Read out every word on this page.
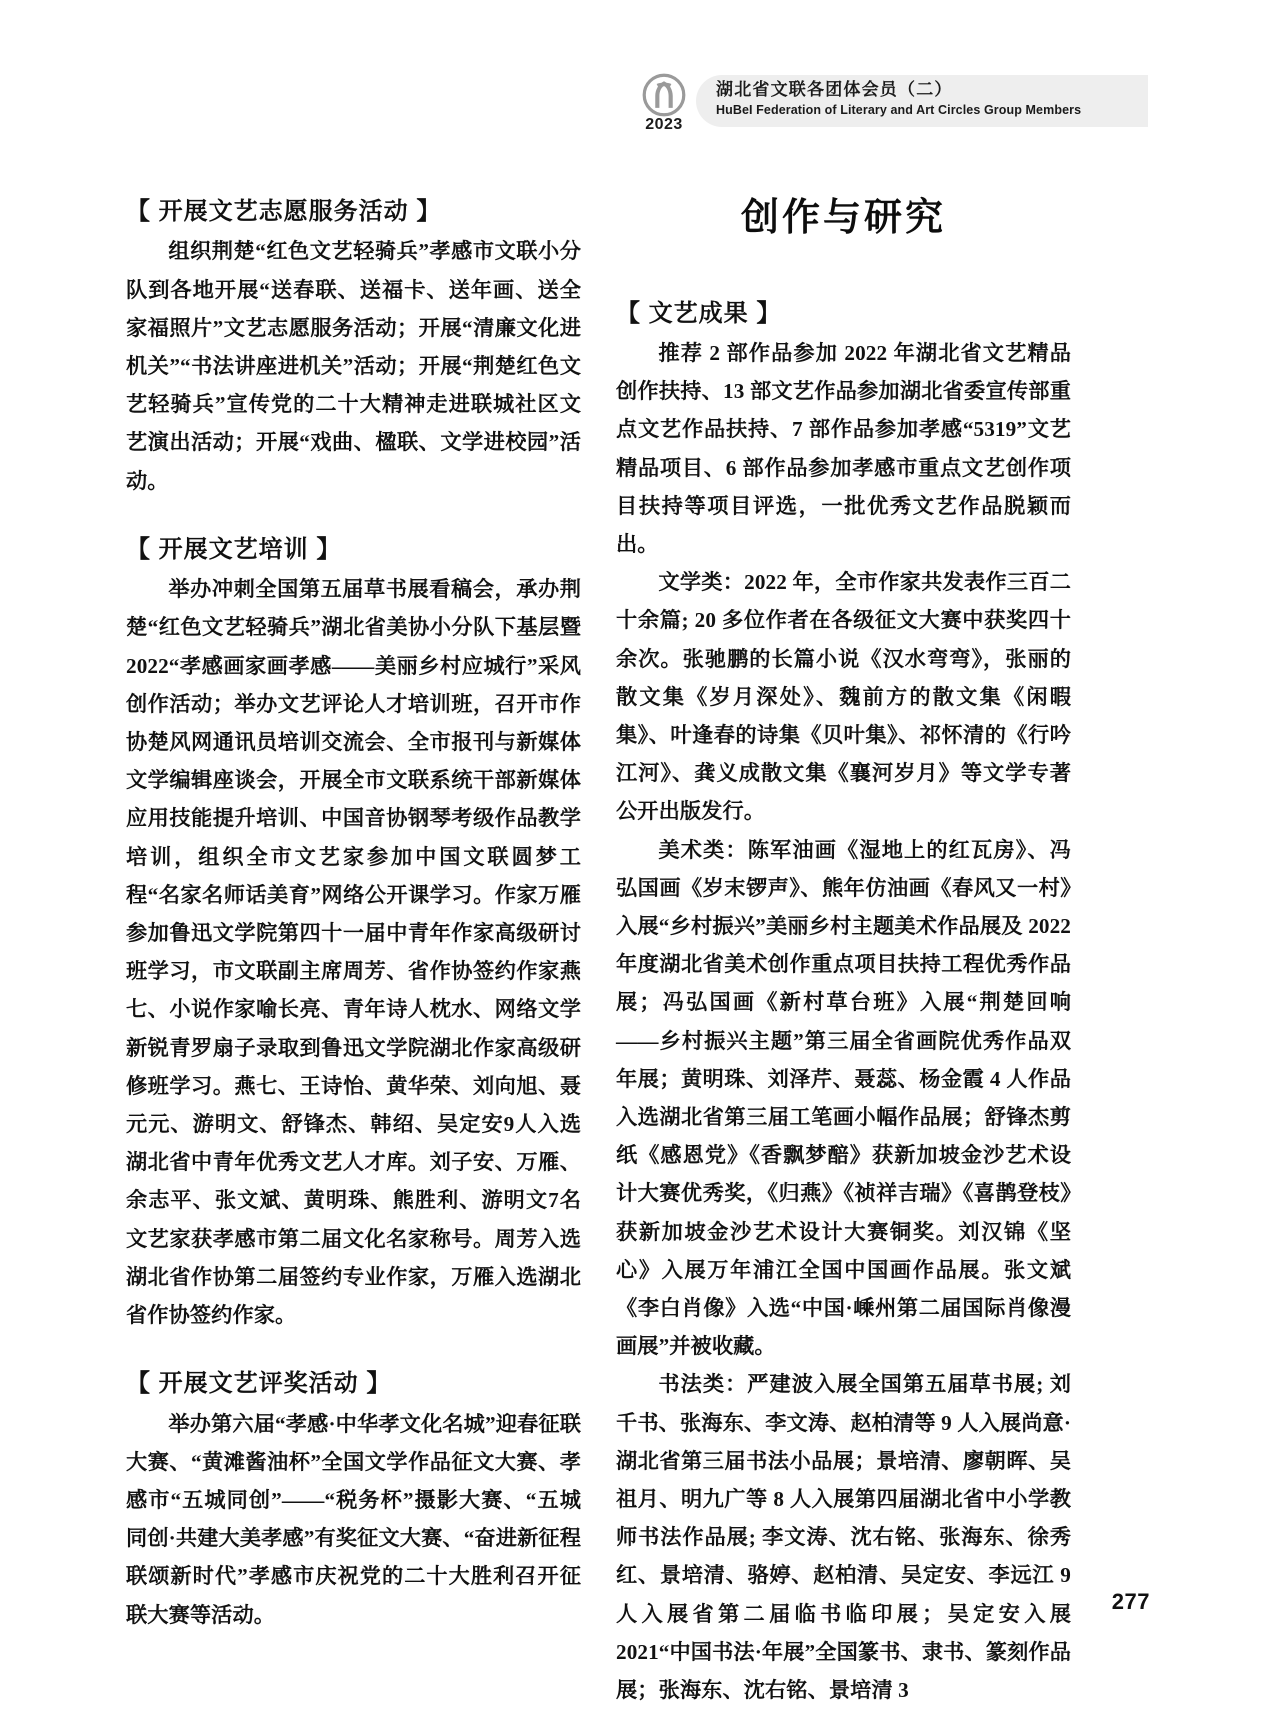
2023
湖北省文联各团体会员（二）
HuBeI Federation of Literary and Art Circles Group Members
【 开展文艺志愿服务活动 】

组织荆楚“红色文艺轻骑兵”孝感市文联小分队到各地开展“送春联、送福卡、送年画、送全家福照片”文艺志愿服务活动；开展“清廉文化进机关”“书法讲座进机关”活动；开展“荆楚红色文艺轻骑兵”宣传党的二十大精神走进联城社区文艺演出活动；开展“戏曲、楹联、文学进校园”活动。

【 开展文艺培训 】

举办冲刺全国第五届草书展看稿会，承办荆楚“红色文艺轻骑兵”湖北省美协小分队下基层暨2022“孝感画家画孝感——美丽乡村应城行”采风创作活动；举办文艺评论人才培训班，召开市作协楚风网通讯员培训交流会、全市报刊与新媒体文学编辑座谈会，开展全市文联系统干部新媒体应用技能提升培训、中国音协钢琴考级作品教学培训，组织全市文艺家参加中国文联圆梦工程“名家名师话美育”网络公开课学习。作家万雁参加鲁迅文学院第四十一届中青年作家高级研讨班学习，市文联副主席周芳、省作协签约作家燕七、小说作家喻长亮、青年诗人枕水、网络文学新锐青罗扇子录取到鲁迅文学院湖北作家高级研修班学习。燕七、王诗怡、黄华荣、刘向旭、聂元元、游明文、舒锋杰、韩绍、吴定安9人入选湖北省中青年优秀文艺人才库。刘子安、万雁、余志平、张文斌、黄明珠、熊胜利、游明文7名文艺家获孝感市第二届文化名家称号。周芳入选湖北省作协第二届签约专业作家，万雁入选湖北省作协签约作家。

【 开展文艺评奖活动 】

举办第六届“孝感·中华孝文化名城”迎春征联大赛、“黄滩酱油杯”全国文学作品征文大赛、孝感市“五城同创”——“税务杯”摄影大赛、“五城同创·共建大美孝感”有奖征文大赛、“奋进新征程 联颂新时代”孝感市庆祝党的二十大胜利召开征联大赛等活动。

创作与研究
【 文艺成果 】

推荐 2 部作品参加 2022 年湖北省文艺精品创作扶持、13 部文艺作品参加湖北省委宣传部重点文艺作品扶持、7 部作品参加孝感“5319”文艺精品项目、6 部作品参加孝感市重点文艺创作项目扶持等项目评选，一批优秀文艺作品脱颖而出。

文学类：2022 年，全市作家共发表作三百二十余篇; 20 多位作者在各级征文大赛中获奖四十余次。张驰鹏的长篇小说《汉水弯弯》，张丽的散文集《岁月深处》、魏前方的散文集《闲暇集》、叶逢春的诗集《贝叶集》、祁怀清的《行吟江河》、龚义成散文集《襄河岁月》等文学专著公开出版发行。

美术类：陈军油画《湿地上的红瓦房》、冯弘国画《岁末锣声》、熊年仿油画《春风又一村》入展“乡村振兴”美丽乡村主题美术作品展及 2022 年度湖北省美术创作重点项目扶持工程优秀作品展；冯弘国画《新村草台班》入展“荆楚回响——乡村振兴主题”第三届全省画院优秀作品双年展；黄明珠、刘泽芹、聂蕊、杨金霞 4 人作品入选湖北省第三届工笔画小幅作品展；舒锋杰剪纸《感恩党》《香飘梦醅》获新加坡金沙艺术设计大赛优秀奖，《归燕》《祯祥吉瑞》《喜鹊登枝》获新加坡金沙艺术设计大赛铜奖。刘汉锦《坚心》入展万年浦江全国中国画作品展。张文斌《李白肖像》入选“中国·嵊州第二届国际肖像漫画展”并被收藏。

书法类：严建波入展全国第五届草书展; 刘千书、张海东、李文涛、赵柏清等 9 人入展尚意·湖北省第三届书法小品展；景培清、廖朝晖、吴祖月、明九广等 8 人入展第四届湖北省中小学教师书法作品展; 李文涛、沈右铭、张海东、徐秀红、景培清、骆婷、赵柏清、吴定安、李远江 9 人入展省第二届临书临印展；吴定安入展 2021“中国书法·年展”全国篆书、隶书、篆刻作品展；张海东、沈右铭、景培清 3

277
